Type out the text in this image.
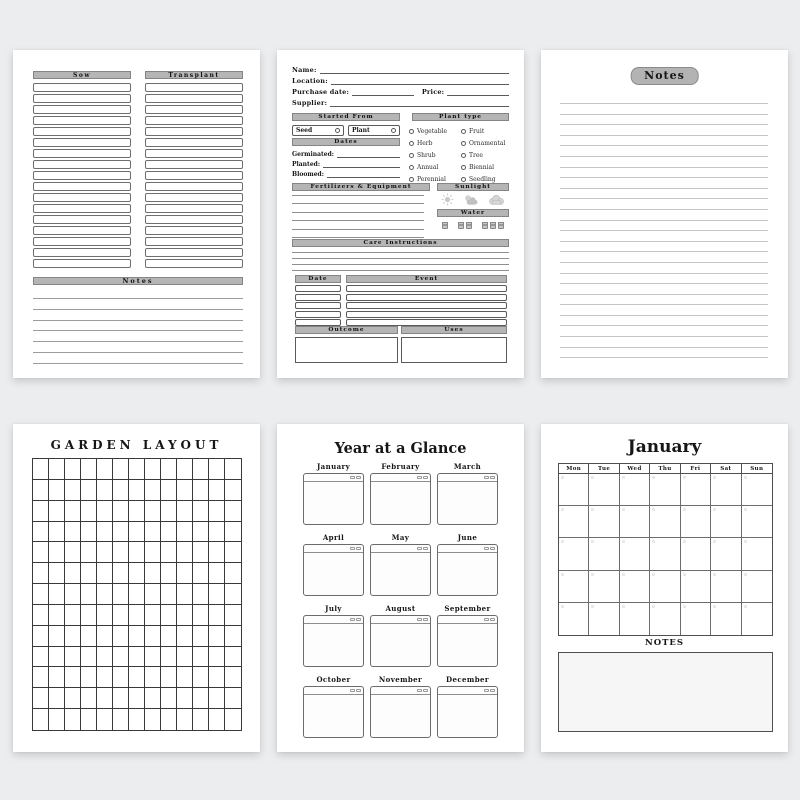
Sow	Transplant
Notes
Name:
Location:
Purchase date:	Price:
Supplier:
Started From	Plant type
Seed	Plant	Vegetable
Herb
Shrub
Annual
Perennial
Fruit
Ornamental
Tree
Biennial
Seedling
Dates
Germinated:
Planted:
Bloomed:
Fertilizers & Equipment	Sunlight
Water
Care Instructions
Date	Event
Outcome	Uses
Notes
GARDEN LAYOUT	Year at a Glance
January	February	March
April	May	June
July	August	September
October	November	December
January
Mon	Tue	Wed	Thu	Fri	Sat	Sun
NOTES
